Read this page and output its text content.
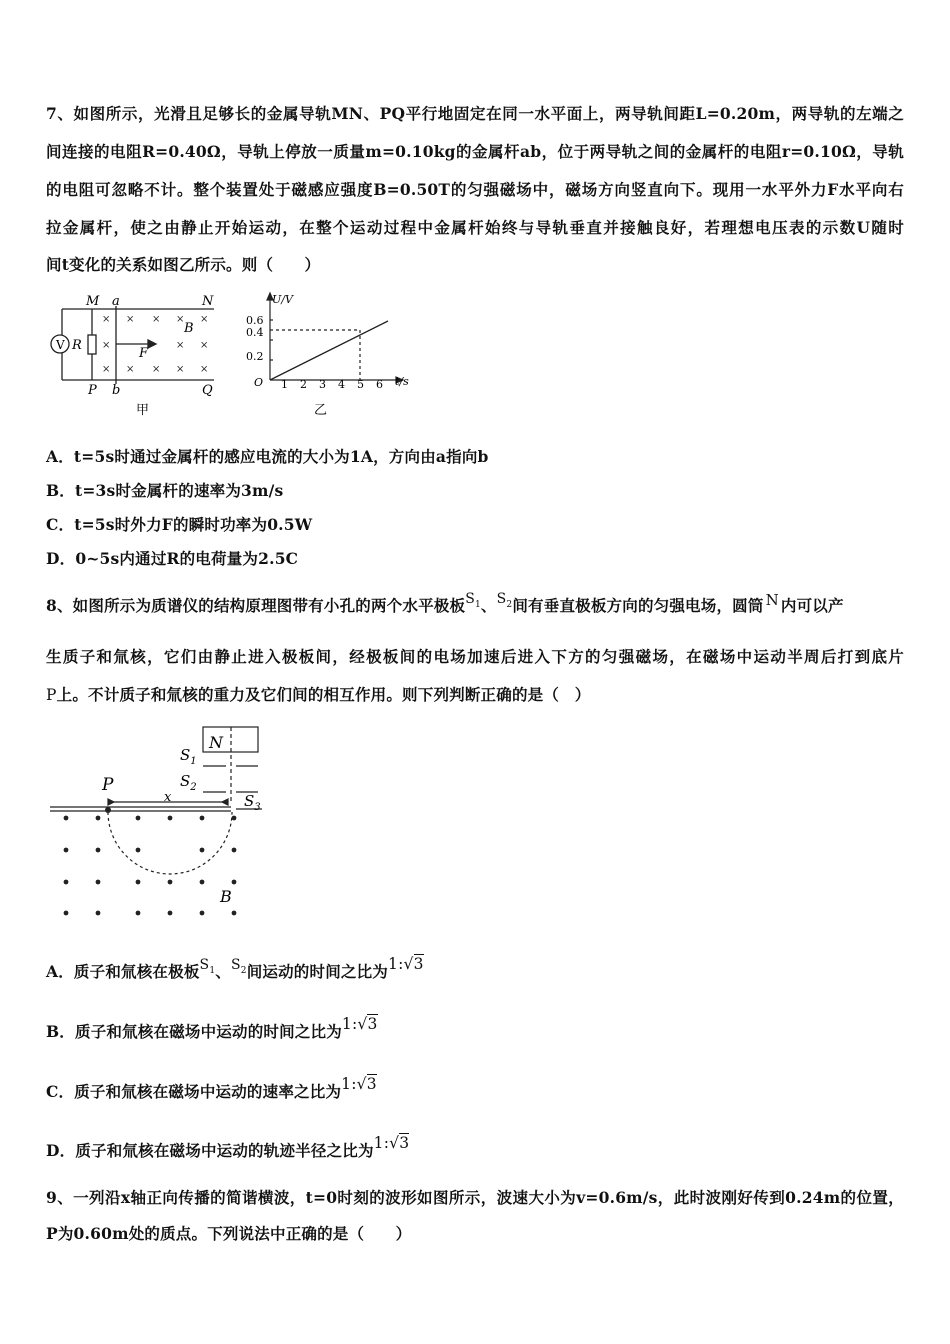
7、如图所示，光滑且足够长的金属导轨MN、PQ平行地固定在同一水平面上，两导轨间距L=0.20m，两导轨的左端之
间连接的电阻R=0.40Ω，导轨上停放一质量m=0.10kg的金属杆ab，位于两导轨之间的金属杆的电阻r=0.10Ω，导轨
的电阻可忽略不计。整个装置处于磁感应强度B=0.50T的匀强磁场中，磁场方向竖直向下。现用一水平外力F水平向右
拉金属杆，使之由静止开始运动，在整个运动过程中金属杆始终与导轨垂直并接触良好，若理想电压表的示数U随时
间t变化的关系如图乙所示。则（　　）
V R
M a	N
P b	Q
B
F
× × × × ×
×	× ×
× × × × ×
甲
U/V
t/s
O
0.6
0.4
0.2
1 2 3 4 5 6
乙
A．t=5s时通过金属杆的感应电流的大小为1A，方向由a指向b
B．t=3s时金属杆的速率为3m/s
C．t=5s时外力F的瞬时功率为0.5W
D．0~5s内通过R的电荷量为2.5C
8、如图所示为质谱仪的结构原理图带有小孔的两个水平极板$S_1$、$S_2$间有垂直极板方向的匀强电场，圆筒 N 内可以产
生质子和氚核，它们由静止进入极板间，经极板间的电场加速后进入下方的匀强磁场，在磁场中运动半周后打到底片
P上。不计质子和氚核的重力及它们间的相互作用。则下列判断正确的是（　）
N
$S_1$
$S_2$
$S_3$
P
x
B
A．质子和氚核在极板$S_1$、$S_2$间运动的时间之比为1:√3
B．质子和氚核在磁场中运动的时间之比为1:√3
C．质子和氚核在磁场中运动的速率之比为1:√3
D．质子和氚核在磁场中运动的轨迹半径之比为1:√3
9、一列沿x轴正向传播的简谐横波，t=0时刻的波形如图所示，波速大小为v=0.6m/s，此时波刚好传到0.24m的位置，
P为0.60m处的质点。下列说法中正确的是（　　）
